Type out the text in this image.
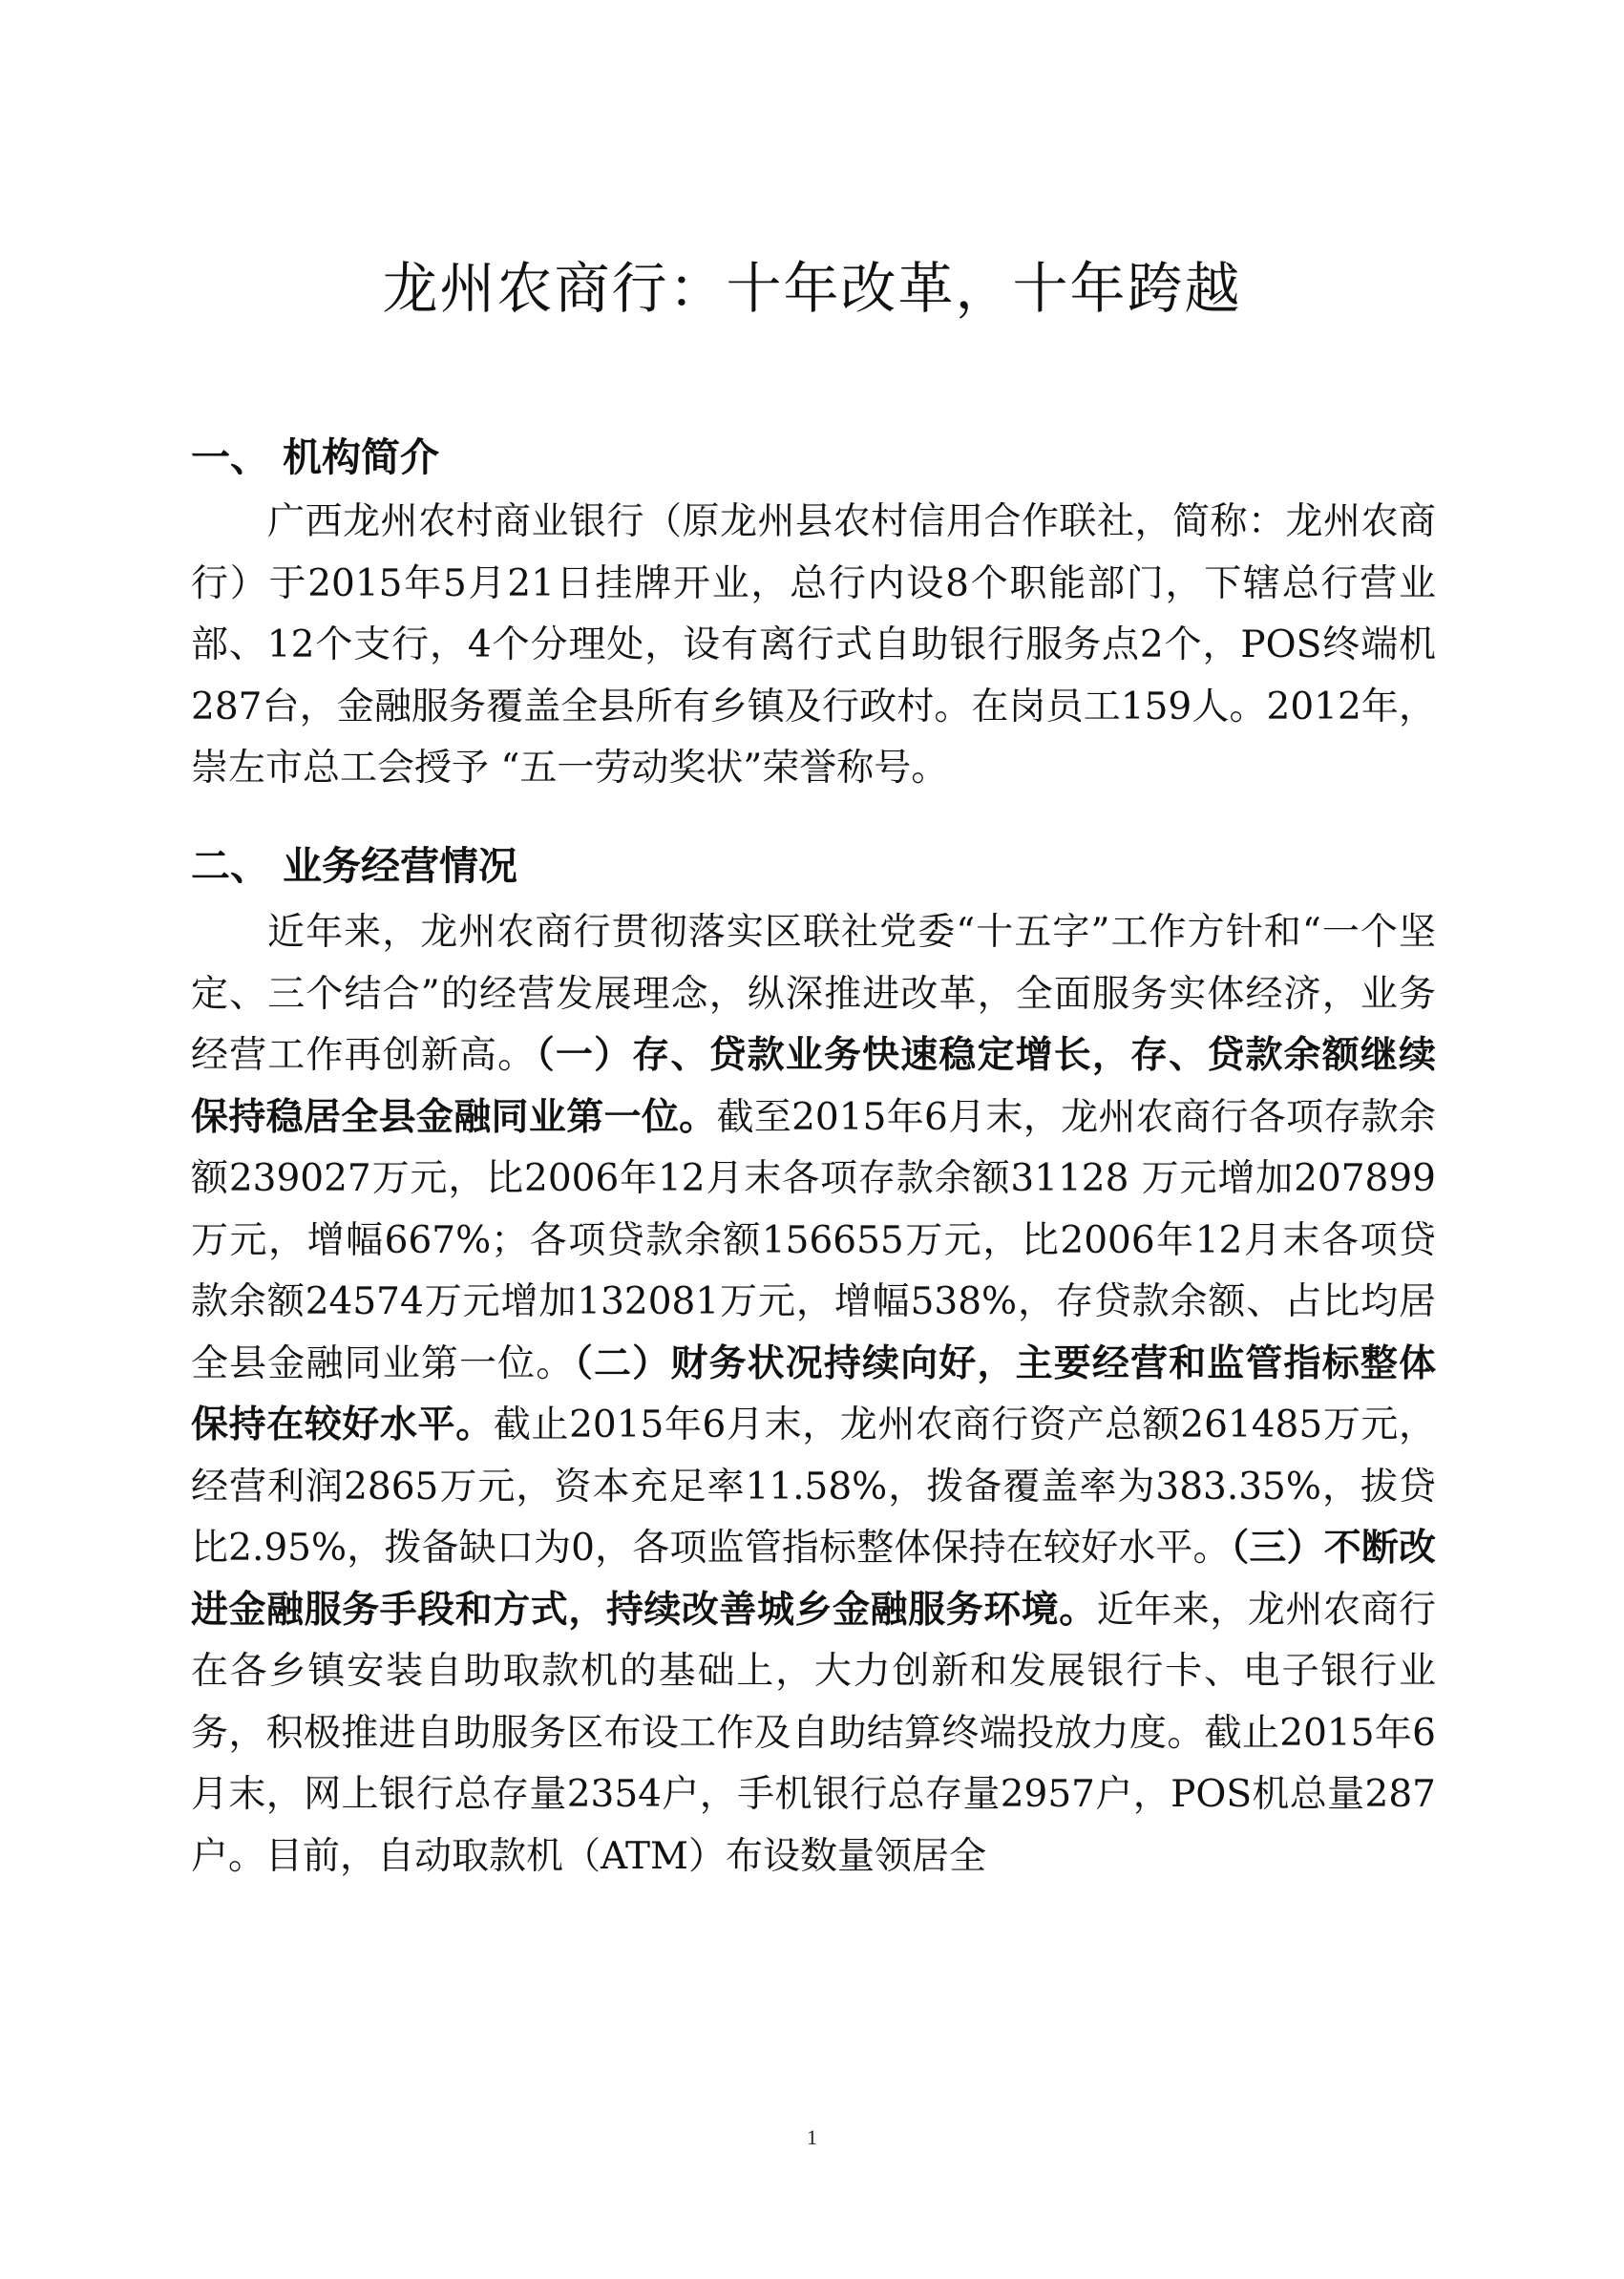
龙州农商行：十年改革，十年跨越
一、 机构简介

广西龙州农村商业银行（原龙州县农村信用合作联社，简称：龙州农商行）于2015年5月21日挂牌开业，总行内设8个职能部门，下辖总行营业部、12个支行，4个分理处，设有离行式自助银行服务点2个，POS终端机287台，金融服务覆盖全县所有乡镇及行政村。在岗员工159人。2012年，崇左市总工会授予 “五一劳动奖状”荣誉称号。

二、 业务经营情况

近年来，龙州农商行贯彻落实区联社党委“十五字”工作方针和“一个坚定、三个结合”的经营发展理念，纵深推进改革，全面服务实体经济，业务经营工作再创新高。（一）存、贷款业务快速稳定增长，存、贷款余额继续保持稳居全县金融同业第一位。截至2015年6月末，龙州农商行各项存款余额239027万元，比2006年12月末各项存款余额31128 万元增加207899万元，增幅667%；各项贷款余额156655万元，比2006年12月末各项贷款余额24574万元增加132081万元，增幅538%，存贷款余额、占比均居全县金融同业第一位。（二）财务状况持续向好，主要经营和监管指标整体保持在较好水平。截止2015年6月末，龙州农商行资产总额261485万元，经营利润2865万元，资本充足率11.58%，拨备覆盖率为383.35%，拔贷比2.95%，拨备缺口为0，各项监管指标整体保持在较好水平。（三）不断改进金融服务手段和方式，持续改善城乡金融服务环境。近年来，龙州农商行在各乡镇安装自助取款机的基础上，大力创新和发展银行卡、电子银行业务，积极推进自助服务区布设工作及自助结算终端投放力度。截止2015年6月末，网上银行总存量2354户，手机银行总存量2957户，POS机总量287户。目前，自动取款机（ATM）布设数量领居全

1
